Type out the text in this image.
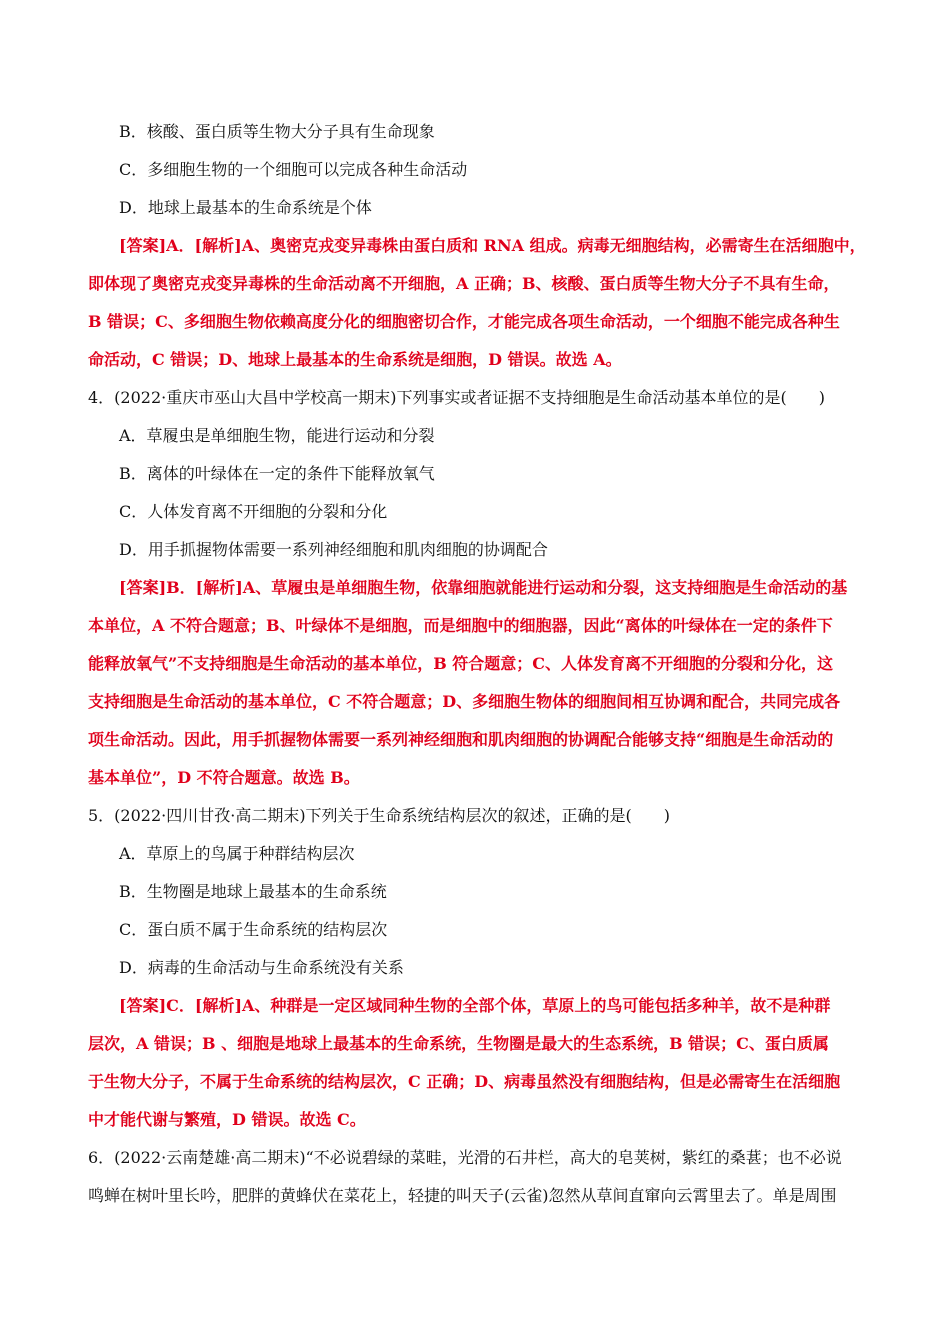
B．核酸、蛋白质等生物大分子具有生命现象
C．多细胞生物的一个细胞可以完成各种生命活动
D．地球上最基本的生命系统是个体

[答案]A．[解析]A、奥密克戎变异毒株由蛋白质和 RNA 组成。病毒无细胞结构，必需寄生在活细胞中，

即体现了奥密克戎变异毒株的生命活动离不开细胞，A 正确；B、核酸、蛋白质等生物大分子不具有生命，

B 错误；C、多细胞生物依赖高度分化的细胞密切合作，才能完成各项生命活动，一个细胞不能完成各种生

命活动，C 错误；D、地球上最基本的生命系统是细胞，D 错误。故选 A。

4．(2022·重庆市巫山大昌中学校高一期末)下列事实或者证据不支持细胞是生命活动基本单位的是(　　)
A．草履虫是单细胞生物，能进行运动和分裂
B．离体的叶绿体在一定的条件下能释放氧气
C．人体发育离不开细胞的分裂和分化
D．用手抓握物体需要一系列神经细胞和肌肉细胞的协调配合

[答案]B．[解析]A、草履虫是单细胞生物，依靠细胞就能进行运动和分裂，这支持细胞是生命活动的基

本单位，A 不符合题意；B、叶绿体不是细胞，而是细胞中的细胞器，因此“离体的叶绿体在一定的条件下

能释放氧气”不支持细胞是生命活动的基本单位，B 符合题意；C、人体发育离不开细胞的分裂和分化，这

支持细胞是生命活动的基本单位，C 不符合题意；D、多细胞生物体的细胞间相互协调和配合，共同完成各

项生命活动。因此，用手抓握物体需要一系列神经细胞和肌肉细胞的协调配合能够支持“细胞是生命活动的

基本单位”，D 不符合题意。故选 B。

5．(2022·四川甘孜·高二期末)下列关于生命系统结构层次的叙述，正确的是(　　)
A．草原上的鸟属于种群结构层次
B．生物圈是地球上最基本的生命系统
C．蛋白质不属于生命系统的结构层次
D．病毒的生命活动与生命系统没有关系

[答案]C．[解析]A、种群是一定区域同种生物的全部个体，草原上的鸟可能包括多种羊，故不是种群

层次，A 错误；B 、细胞是地球上最基本的生命系统，生物圈是最大的生态系统，B 错误；C、蛋白质属

于生物大分子，不属于生命系统的结构层次，C 正确；D、病毒虽然没有细胞结构，但是必需寄生在活细胞

中才能代谢与繁殖，D 错误。故选 C。

6．(2022·云南楚雄·高二期末)“不必说碧绿的菜畦，光滑的石井栏，高大的皂荚树，紫红的桑葚；也不必说
鸣蝉在树叶里长吟，肥胖的黄蜂伏在菜花上，轻捷的叫天子(云雀)忽然从草间直窜向云霄里去了。单是周围
